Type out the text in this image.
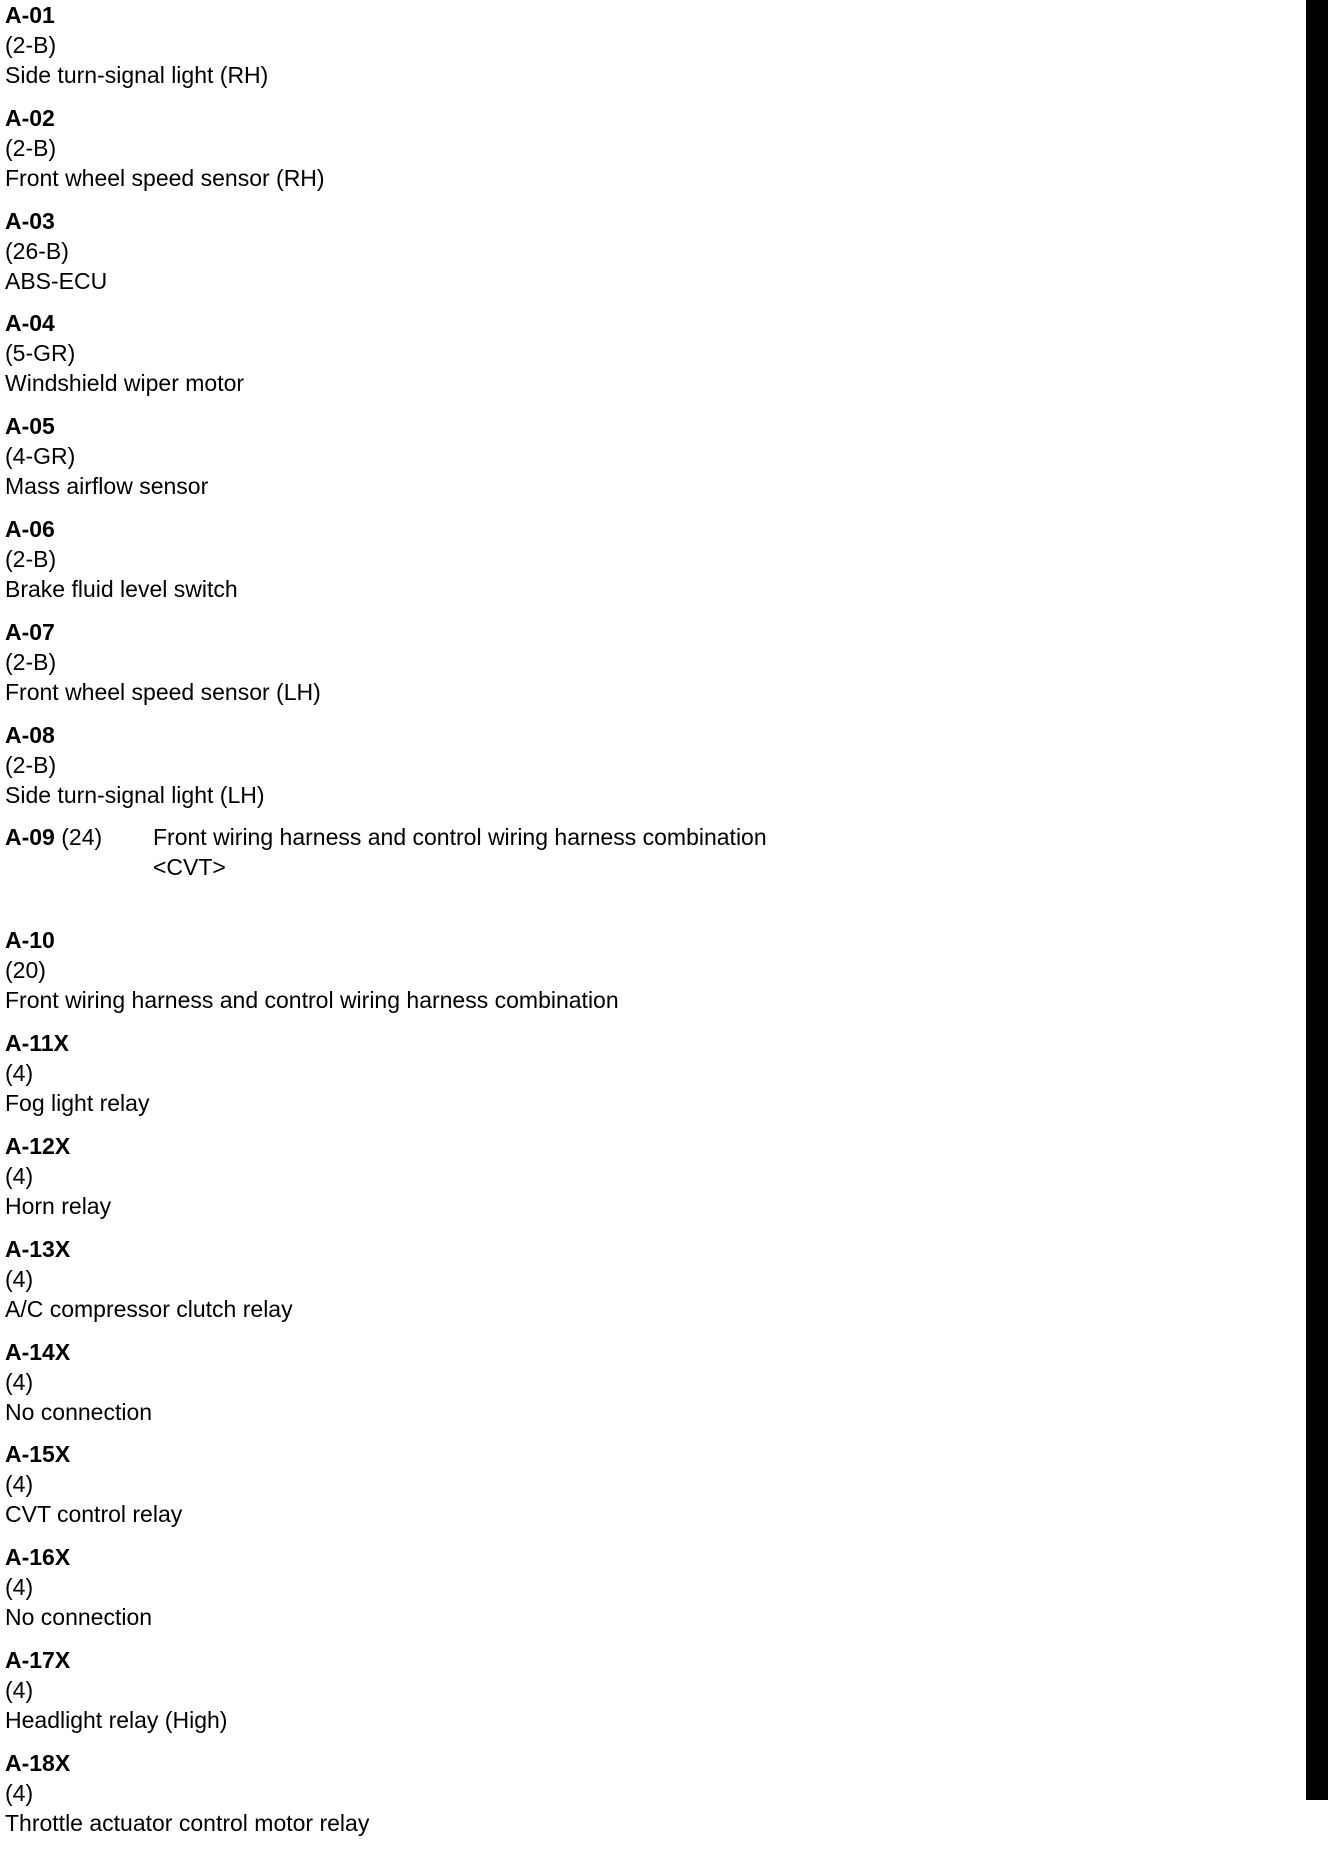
A-01
(2-B)
Side turn-signal light (RH)
A-02
(2-B)
Front wheel speed sensor (RH)
A-03
(26-B)
ABS-ECU
A-04
(5-GR)
Windshield wiper motor
A-05
(4-GR)
Mass airflow sensor
A-06
(2-B)
Brake fluid level switch
A-07
(2-B)
Front wheel speed sensor (LH)
A-08
(2-B)
Side turn-signal light (LH)
A-09 (24) Front wiring harness and control wiring harness combination
<CVT>
A-10
(20)
Front wiring harness and control wiring harness combination
A-11X
(4)
Fog light relay
A-12X
(4)
Horn relay
A-13X
(4)
A/C compressor clutch relay
A-14X
(4)
No connection
A-15X
(4)
CVT control relay
A-16X
(4)
No connection
A-17X
(4)
Headlight relay (High)
A-18X
(4)
Throttle actuator control motor relay
